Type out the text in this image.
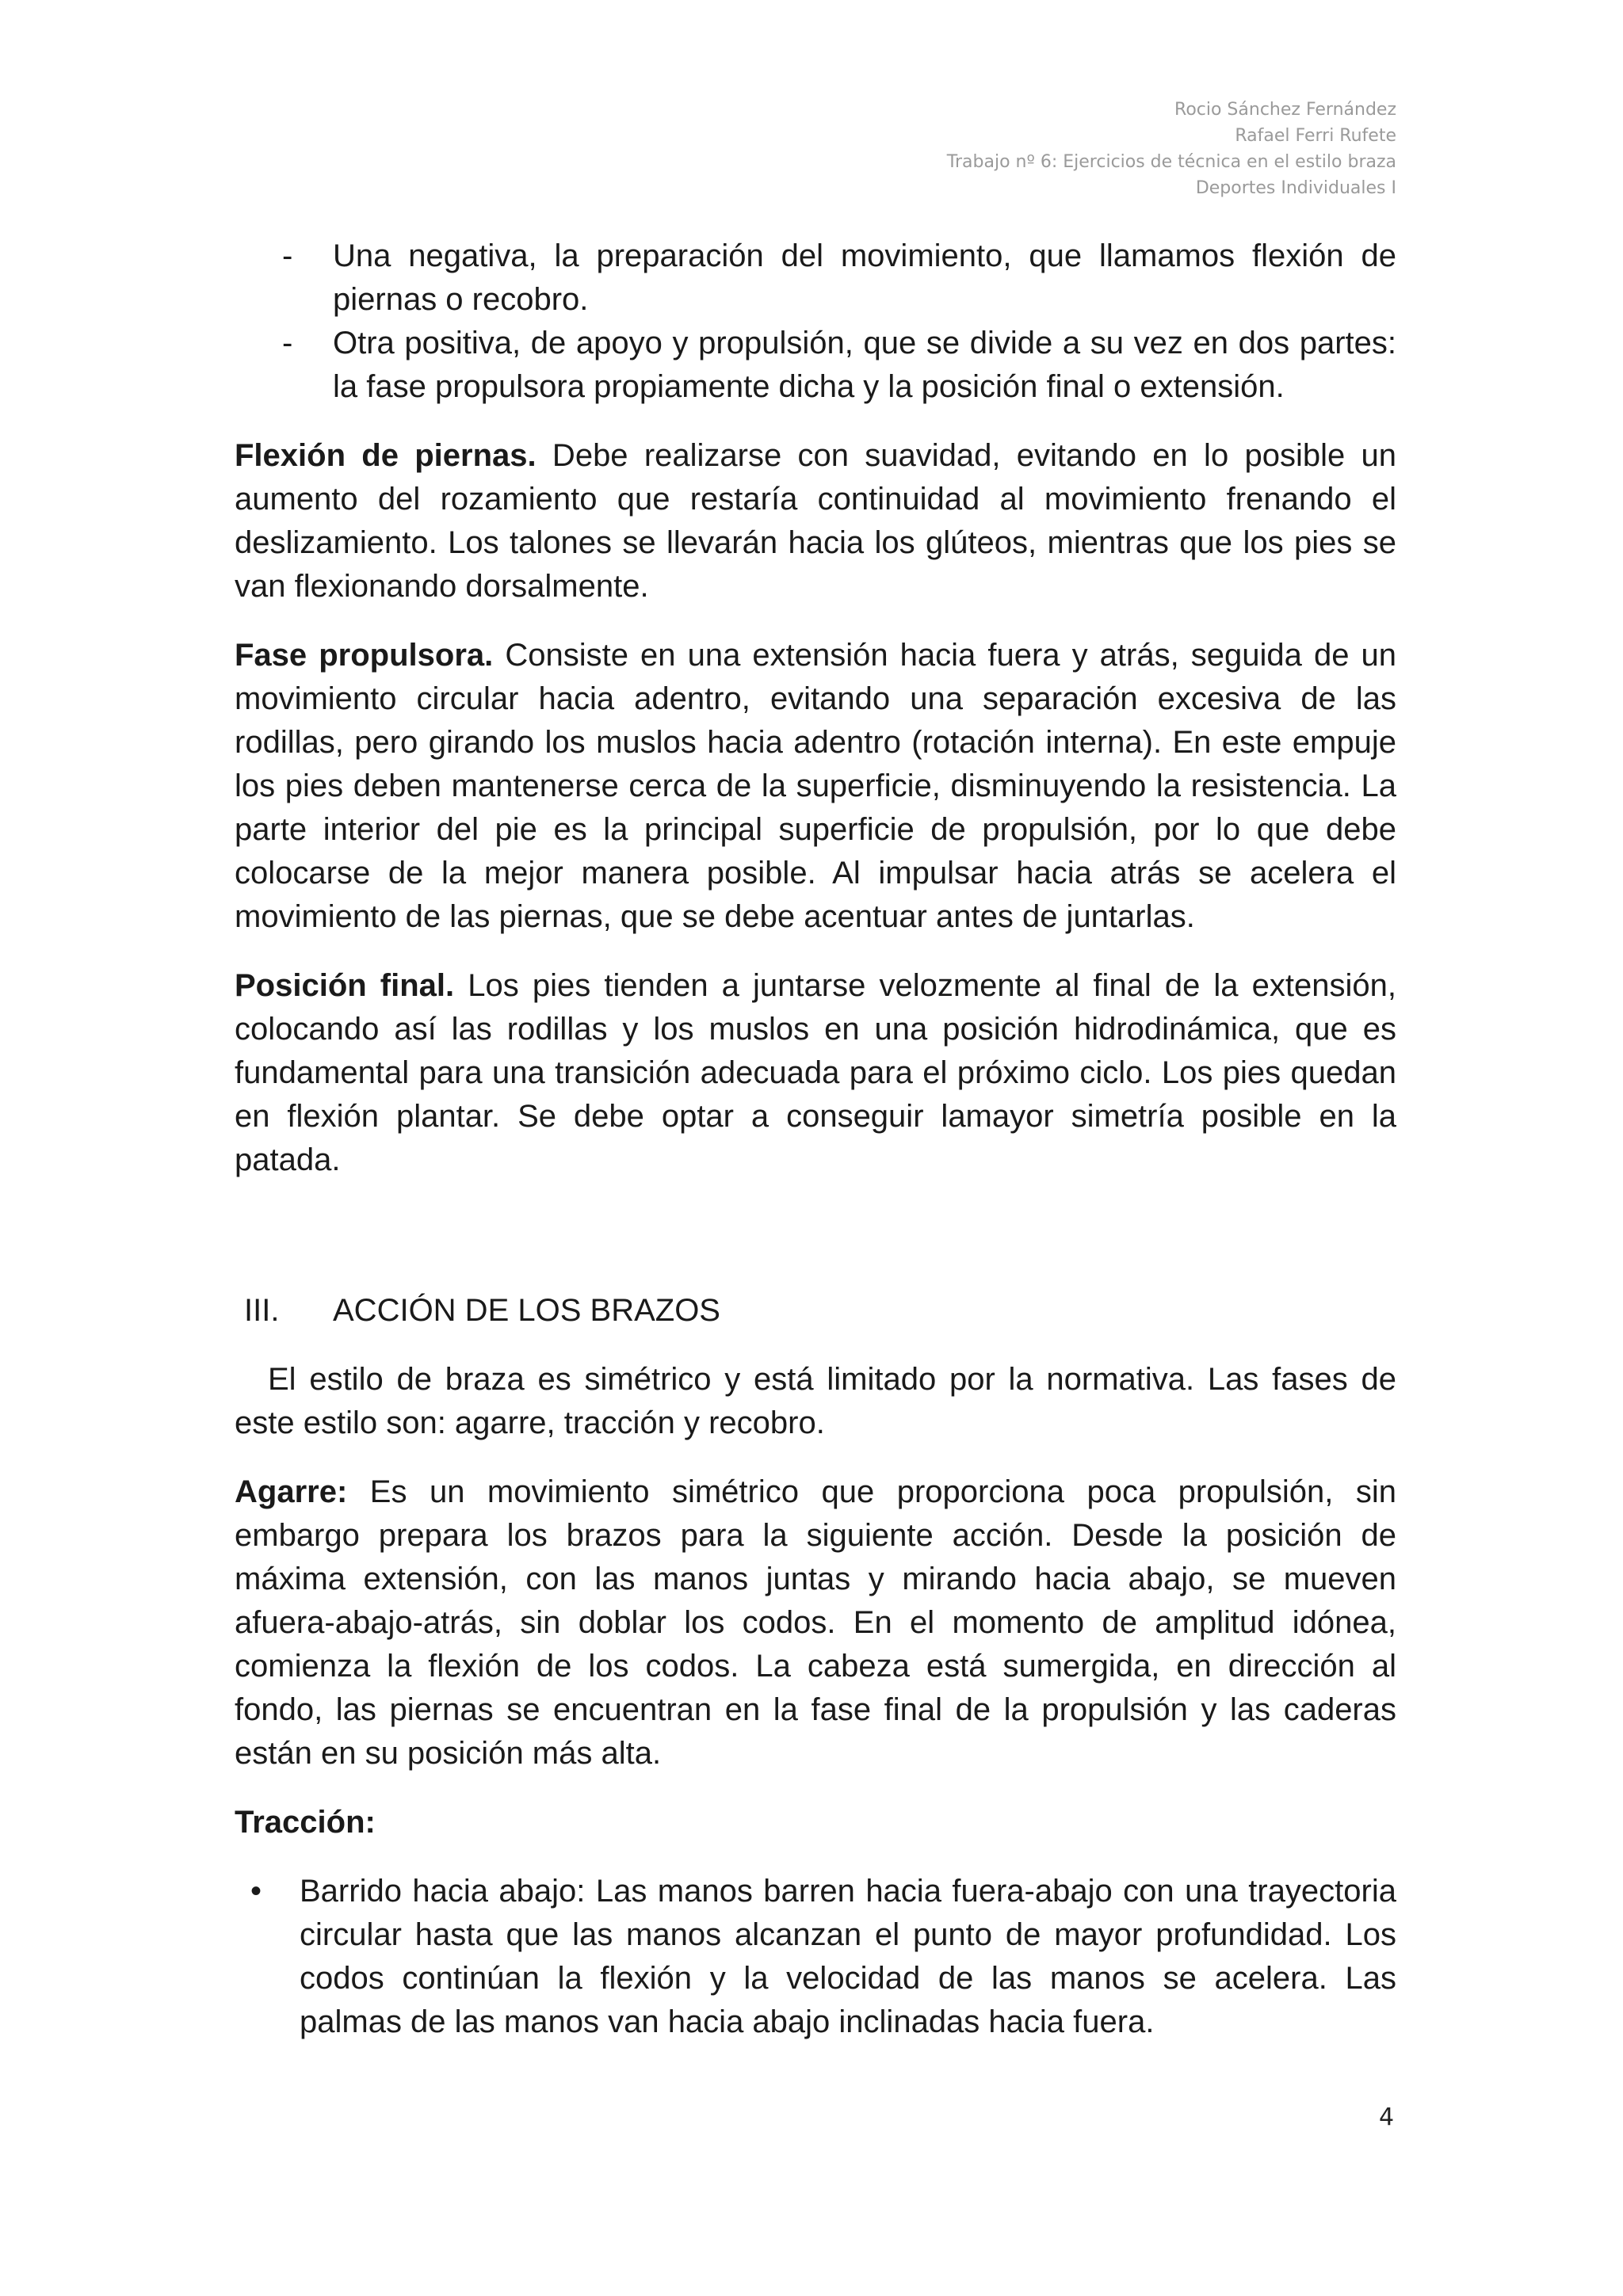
Rocio Sánchez Fernández
Rafael Ferri Rufete
Trabajo nº 6: Ejercicios de técnica en el estilo braza
Deportes Individuales I
- Una negativa, la preparación del movimiento, que llamamos flexión de piernas o recobro.
- Otra positiva, de apoyo y propulsión, que se divide a su vez en dos partes: la fase propulsora propiamente dicha y la posición final o extensión.

Flexión de piernas. Debe realizarse con suavidad, evitando en lo posible un aumento del rozamiento que restaría continuidad al movimiento frenando el deslizamiento. Los talones se llevarán hacia los glúteos, mientras que los pies se van flexionando dorsalmente.

Fase propulsora. Consiste en una extensión hacia fuera y atrás, seguida de un movimiento circular hacia adentro, evitando una separación excesiva de las rodillas, pero girando los muslos hacia adentro (rotación interna). En este empuje los pies deben mantenerse cerca de la superficie, disminuyendo la resistencia. La parte interior del pie es la principal superficie de propulsión, por lo que debe colocarse de la mejor manera posible. Al impulsar hacia atrás se acelera el movimiento de las piernas, que se debe acentuar antes de juntarlas.

Posición final. Los pies tienden a juntarse velozmente al final de la extensión, colocando así las rodillas y los muslos en una posición hidrodinámica, que es fundamental para una transición adecuada para el próximo ciclo. Los pies quedan en flexión plantar. Se debe optar a conseguir lamayor simetría posible en la patada.

III.	ACCIÓN DE LOS BRAZOS

El estilo de braza es simétrico y está limitado por la normativa. Las fases de este estilo son: agarre, tracción y recobro.

Agarre: Es un movimiento simétrico que proporciona poca propulsión, sin embargo prepara los brazos para la siguiente acción. Desde la posición de máxima extensión, con las manos juntas y mirando hacia abajo, se mueven afuera-abajo-atrás, sin doblar los codos. En el momento de amplitud idónea, comienza la flexión de los codos. La cabeza está sumergida, en dirección al fondo, las piernas se encuentran en la fase final de la propulsión y las caderas están en su posición más alta.

Tracción:

• Barrido hacia abajo: Las manos barren hacia fuera-abajo con una trayectoria circular hasta que las manos alcanzan el punto de mayor profundidad. Los codos continúan la flexión y la velocidad de las manos se acelera. Las palmas de las manos van hacia abajo inclinadas hacia fuera.
4
